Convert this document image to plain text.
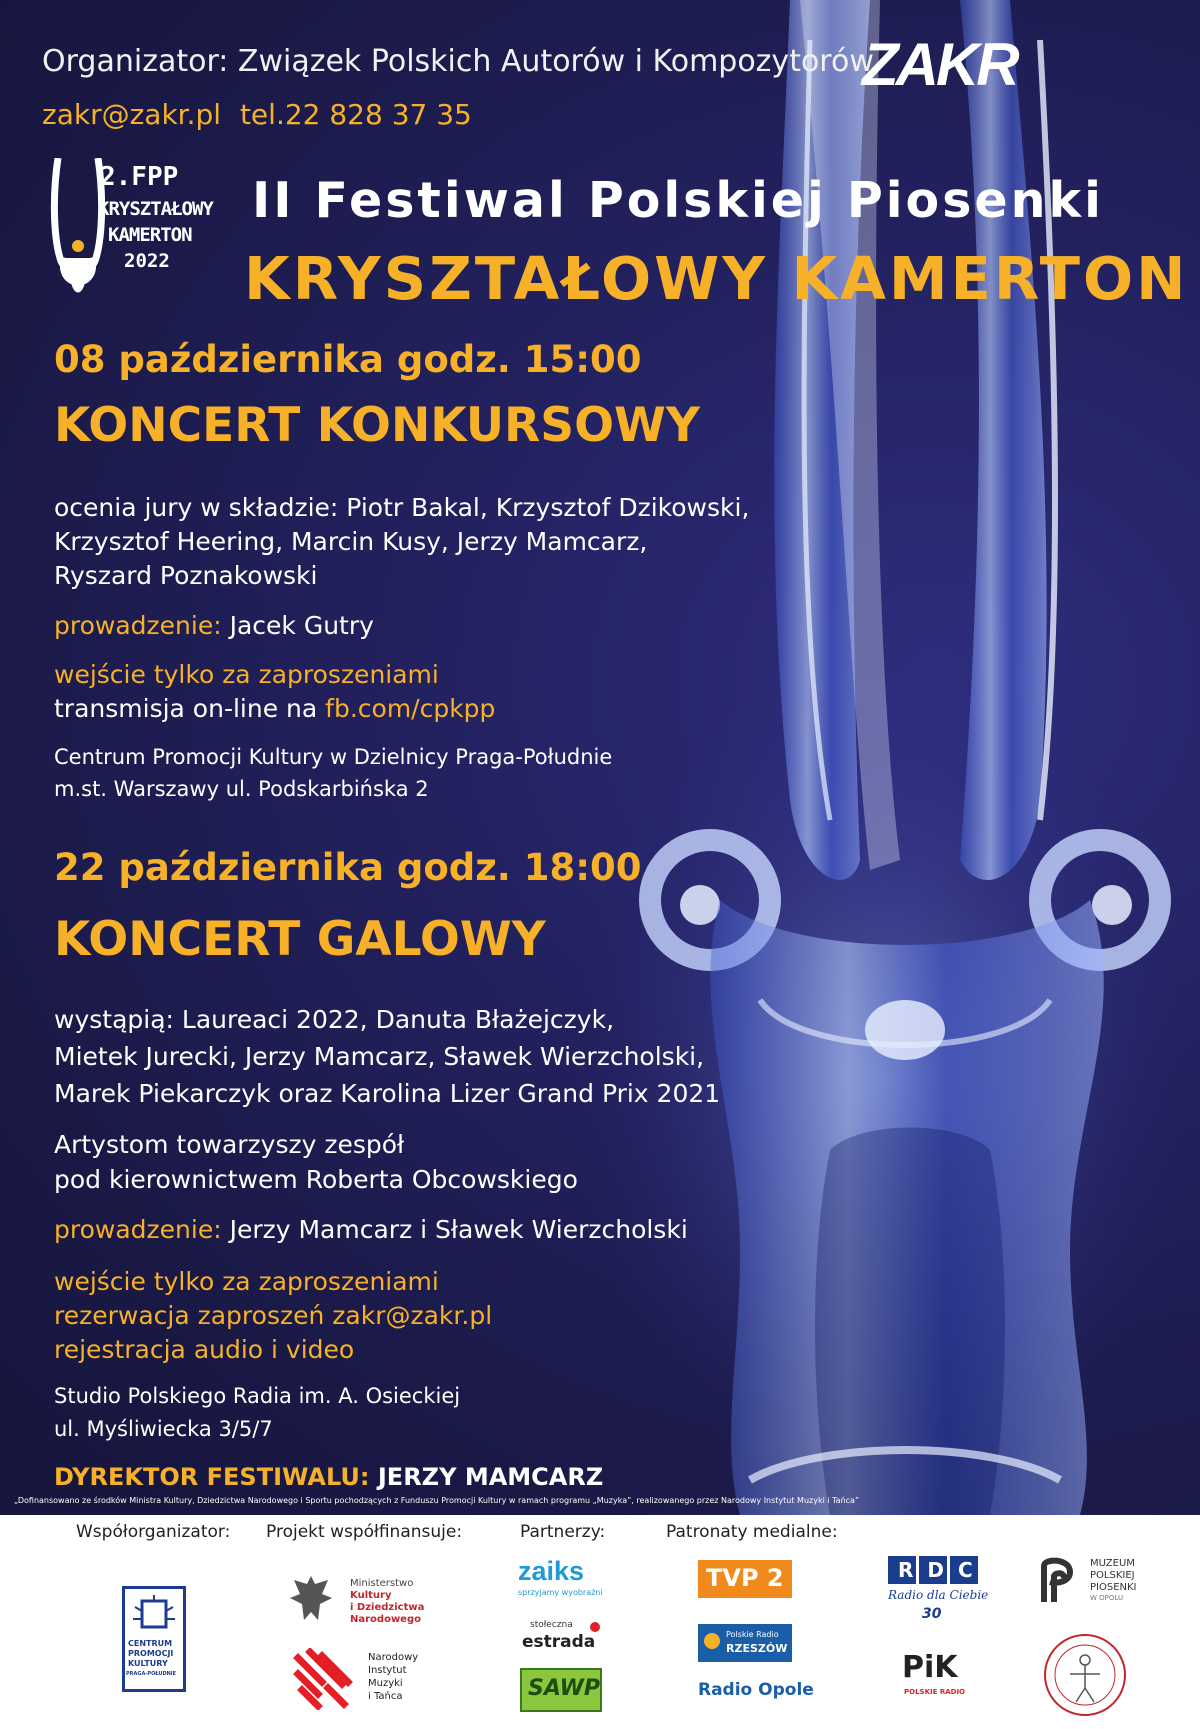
Organizator: Związek Polskich Autorów i Kompozytorów

ZAKR

zakr@zakr.pl tel.22 828 37 35

2.FPP

KRYSZTAŁOWY

KAMERTON

2022

II Festiwal Polskiej Piosenki

KRYSZTAŁOWY KAMERTON

08 października godz. 15:00

KONCERT KONKURSOWY

ocenia jury w składzie: Piotr Bakal, Krzysztof Dzikowski,

Krzysztof Heering, Marcin Kusy, Jerzy Mamcarz,

Ryszard Poznakowski

prowadzenie: Jacek Gutry

wejście tylko za zaproszeniami

transmisja on-line na fb.com/cpkpp

Centrum Promocji Kultury w Dzielnicy Praga-Południe

m.st. Warszawy ul. Podskarbińska 2

22 października godz. 18:00

KONCERT GALOWY

wystąpią: Laureaci 2022, Danuta Błażejczyk,

Mietek Jurecki, Jerzy Mamcarz, Sławek Wierzcholski,

Marek Piekarczyk oraz Karolina Lizer Grand Prix 2021

Artystom towarzyszy zespół

pod kierownictwem Roberta Obcowskiego

prowadzenie: Jerzy Mamcarz i Sławek Wierzcholski

wejście tylko za zaproszeniami

rezerwacja zaproszeń zakr@zakr.pl

rejestracja audio i video

Studio Polskiego Radia im. A. Osieckiej

ul. Myśliwiecka 3/5/7

DYREKTOR FESTIWALU: JERZY MAMCARZ

„Dofinansowano ze środków Ministra Kultury, Dziedzictwa Narodowego i Sportu pochodzących z Funduszu Promocji Kultury w ramach programu „Muzyka”, realizowanego przez Narodowy Instytut Muzyki i Tańca”

Współorganizator: Projekt współfinansuje:	Partnerzy:	Patronaty medialne:

CENTRUM

PROMOCJI

KULTURY

PRAGA-POŁUDNIE

Ministerstwo

Kultury

i Dziedzictwa

Narodowego

Narodowy

Instytut

Muzyki

i Tańca

zaiks

sprzyjamy wyobraźni

stołeczna

estrada

SAWP

TVP 2

Polskie Radio

RZESZÓW

Radio Opole

RDC

Radio dla Ciebie

30

PiK

POLSKIE RADIO

MUZEUM

POLSKIEJ

PIOSENKI

W OPOLU
